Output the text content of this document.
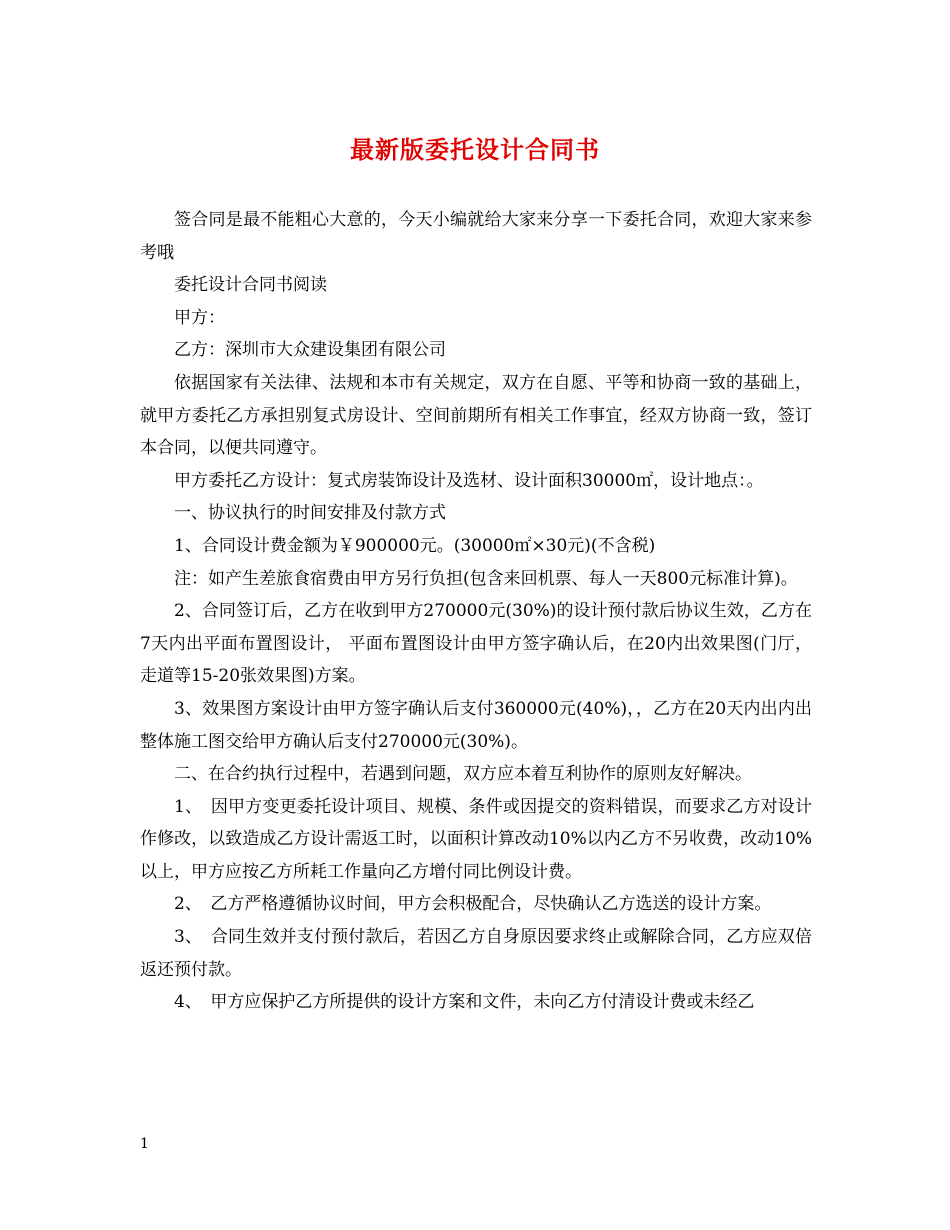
最新版委托设计合同书

签合同是最不能粗心大意的，今天小编就给大家来分享一下委托合同，欢迎大家来参考哦

委托设计合同书阅读

甲方：

乙方：深圳市大众建设集团有限公司

依据国家有关法律、法规和本市有关规定，双方在自愿、平等和协商一致的基础上，就甲方委托乙方承担别复式房设计、空间前期所有相关工作事宜，经双方协商一致，签订本合同，以便共同遵守。

甲方委托乙方设计：复式房装饰设计及选材、设计面积30000㎡，设计地点：。

一、协议执行的时间安排及付款方式

1、合同设计费金额为￥900000元。(30000㎡×30元)(不含税)

注：如产生差旅食宿费由甲方另行负担(包含来回机票、每人一天800元标准计算)。

2、合同签订后，乙方在收到甲方270000元(30%)的设计预付款后协议生效，乙方在7天内出平面布置图设计， 平面布置图设计由甲方签字确认后，在20内出效果图(门厅，走道等15-20张效果图)方案。

3、效果图方案设计由甲方签字确认后支付360000元(40%)，，乙方在20天内出内出整体施工图交给甲方确认后支付270000元(30%)。

二、在合约执行过程中，若遇到问题，双方应本着互利协作的原则友好解决。

1、　因甲方变更委托设计项目、规模、条件或因提交的资料错误，而要求乙方对设计作修改，以致造成乙方设计需返工时，以面积计算改动10%以内乙方不另收费，改动10%以上，甲方应按乙方所耗工作量向乙方增付同比例设计费。

2、　乙方严格遵循协议时间，甲方会积极配合，尽快确认乙方选送的设计方案。

3、　合同生效并支付预付款后，若因乙方自身原因要求终止或解除合同，乙方应双倍返还预付款。

4、　甲方应保护乙方所提供的设计方案和文件，未向乙方付清设计费或未经乙

1
